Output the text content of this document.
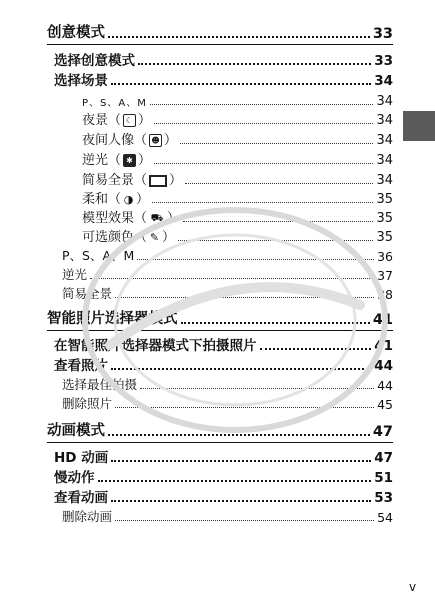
创意模式	33
选择创意模式	33
选择场景	34
P、S、A、M	34
夜景（ ☾ ）	34
夜间人像（ ☻ ）	34
逆光（ ✱ ）	34
简易全景（ ）	34
柔和（ ◑ ）	35
模型效果（ ⛟ ）	35
可选颜色（ ✎ ）	35
P、S、A、M	36
逆光	37
简易全景	38
智能照片选择器模式	41
在智能照片选择器模式下拍摄照片	41
查看照片	44
选择最佳拍摄	44
删除照片	45
动画模式	47
HD 动画	47
慢动作	51
查看动画	53
删除动画	54
v
